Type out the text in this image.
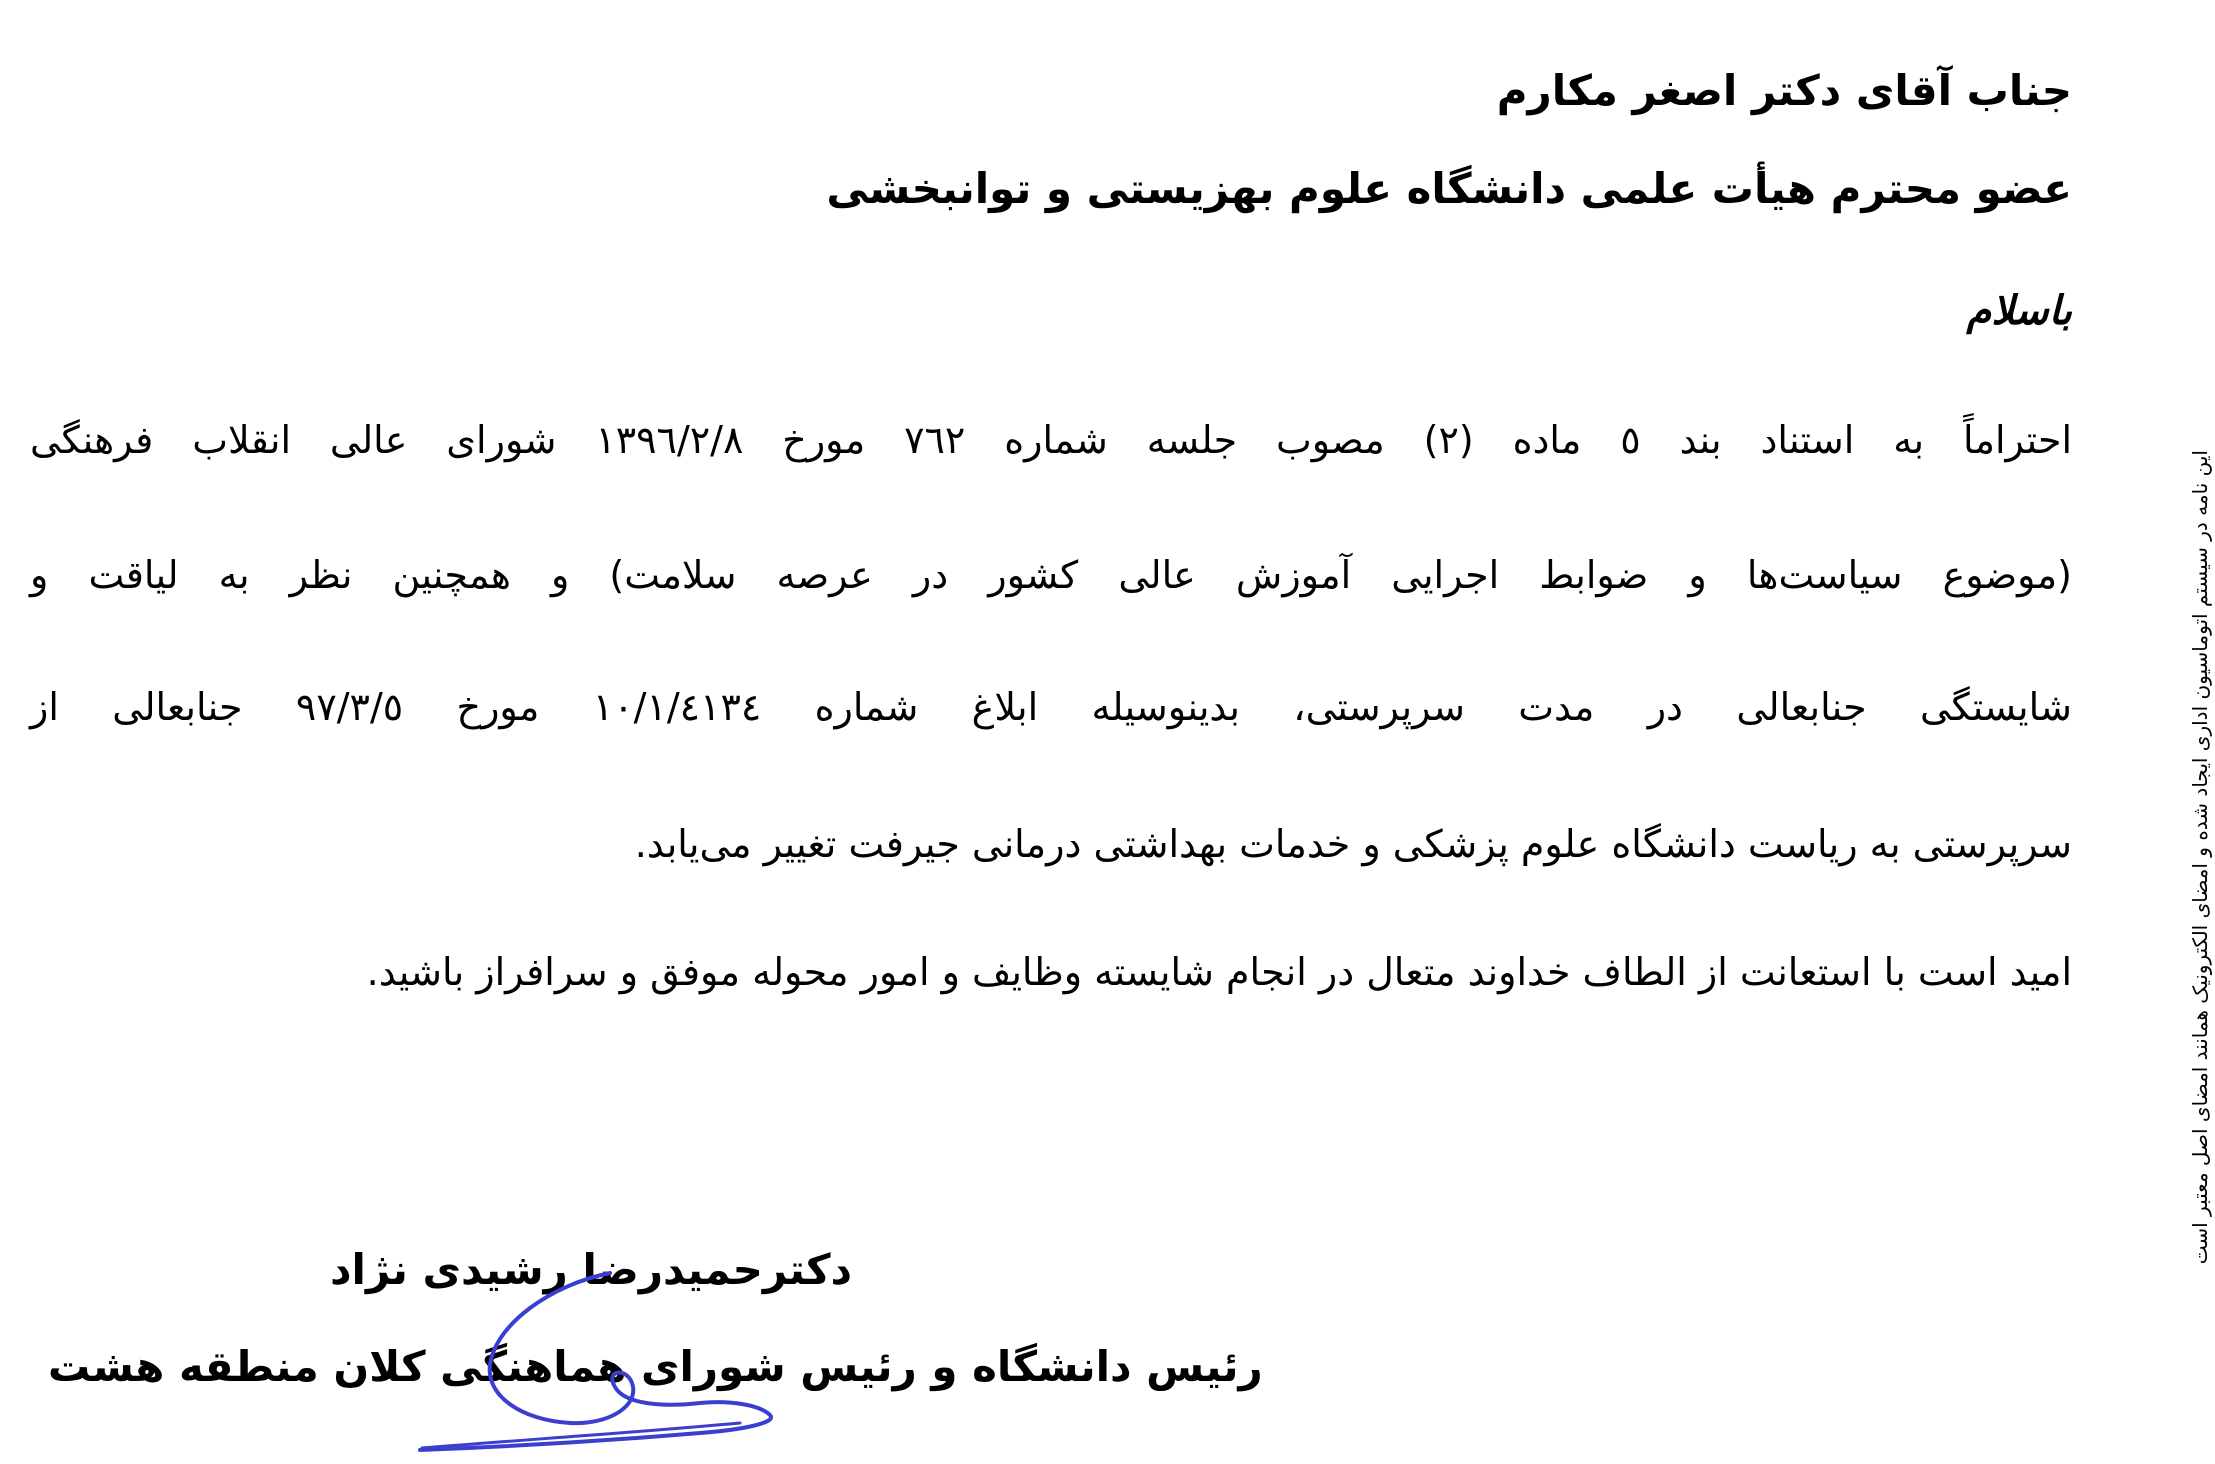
جناب آقای دکتر اصغر مکارم
عضو محترم هیأت علمی دانشگاه علوم بهزیستی و توانبخشی
باسلام
احتراماً به استناد بند ٥ ماده (٢) مصوب جلسه شماره ٧٦٢ مورخ ١٣٩٦/٢/٨ شورای عالی انقلاب فرهنگی
(موضوع سیاست‌ها و ضوابط اجرایی آموزش عالی کشور در عرصه سلامت) و همچنین نظر به لیاقت و
شایستگی جنابعالی در مدت سرپرستی، بدینوسیله ابلاغ شماره ١٠/١/٤١٣٤ مورخ ٩٧/٣/٥ جنابعالی از
سرپرستی به ریاست دانشگاه علوم پزشکی و خدمات بهداشتی درمانی جیرفت تغییر می‌یابد.
امید است با استعانت از الطاف خداوند متعال در انجام شایسته وظایف و امور محوله موفق و سرافراز باشید.
دکترحمیدرضا رشیدی نژاد
رئیس دانشگاه و رئیس شورای هماهنگی کلان منطقه هشت
این نامه در سیستم اتوماسیون اداری ایجاد شده و امضای الکترونیک همانند امضای اصل معتبر است
